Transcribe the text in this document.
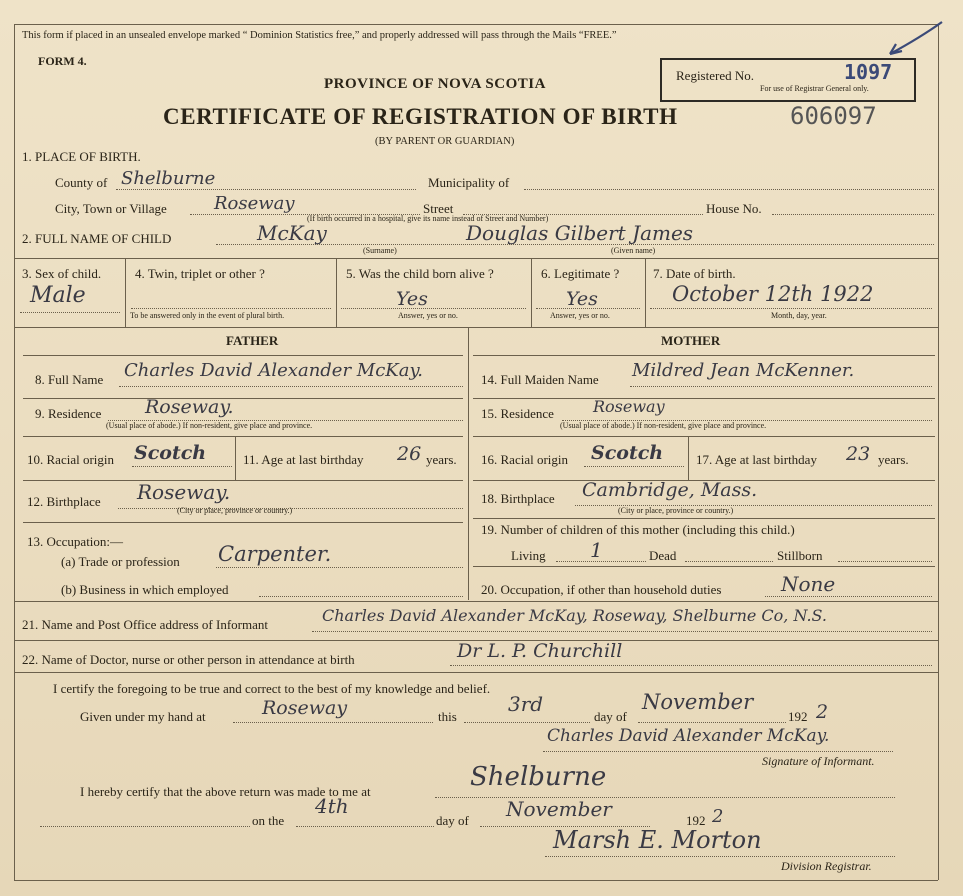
This form if placed in an unsealed envelope marked “ Dominion Statistics free,” and properly addressed will pass through the Mails “FREE.”
FORM 4.
PROVINCE OF NOVA SCOTIA
CERTIFICATE OF REGISTRATION OF BIRTH
(BY PARENT OR GUARDIAN)
606097
Registered No.
For use of Registrar General only.
1097
1. PLACE OF BIRTH.
County of Shelburne	Municipality of
City, Town or Village	Roseway	Street	House No.
(If birth occurred in a hospital, give its name instead of Street and Number)
2. FULL NAME OF CHILD	McKay
(Surname)
Douglas Gilbert James
(Given name)
3. Sex of child.
Male
4. Twin, triplet or other ?
To be answered only in the event of plural birth.
5. Was the child born alive ?
Yes
Answer, yes or no.
6. Legitimate ?
Yes
Answer, yes or no.
7. Date of birth.
October 12th 1922
Month, day, year.
FATHER	MOTHER
8. Full Name Charles David Alexander McKay.
9. Residence Roseway.
(Usual place of abode.) If non-resident, give place and province.
10. Racial origin Scotch	11. Age at last birthday 26 years.
12. Birthplace Roseway.
(City or place, province or country.)
13. Occupation:—
(a) Trade or profession Carpenter.
(b) Business in which employed
14. Full Maiden Name Mildred Jean McKenner.
15. Residence Roseway
(Usual place of abode.) If non-resident, give place and province.
16. Racial origin Scotch	17. Age at last birthday 23 years.
18. Birthplace Cambridge, Mass.
(City or place, province or country.)
19. Number of children of this mother (including this child.)
Living 1	Dead	Stillborn
20. Occupation, if other than household duties	None
21. Name and Post Office address of Informant	Charles David Alexander McKay, Roseway, Shelburne Co, N.S.
22. Name of Doctor, nurse or other person in attendance at birth	Dr L. P. Churchill
I certify the foregoing to be true and correct to the best of my knowledge and belief.
Given under my hand at	Roseway	this
3rd
day of
November
192 2
Charles David Alexander McKay.
Signature of Informant.
I hereby certify that the above return was made to me at	Shelburne
on the
4th
day of November	192 2
Marsh E. Morton
Division Registrar.
